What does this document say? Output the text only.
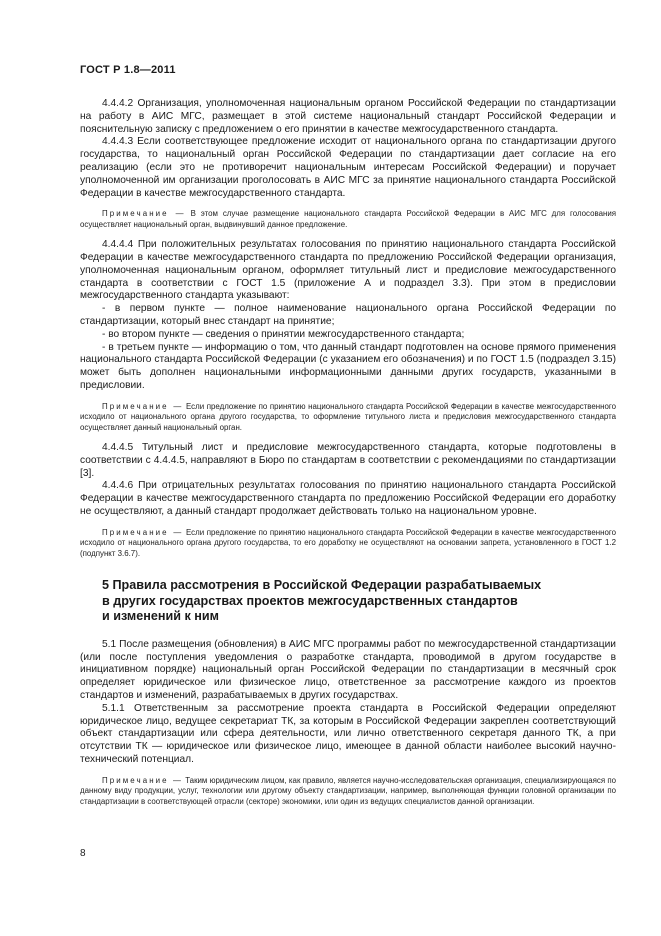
ГОСТ Р 1.8—2011

4.4.4.2 Организация, уполномоченная национальным органом Российской Федерации по стандартизации на работу в АИС МГС, размещает в этой системе национальный стандарт Российской Федерации и пояснительную записку с предложением о его принятии в качестве межгосударственного стандарта.

4.4.4.3 Если соответствующее предложение исходит от национального органа по стандартизации другого государства, то национальный орган Российской Федерации по стандартизации дает согласие на его реализацию (если это не противоречит национальным интересам Российской Федерации) и поручает уполномоченной им организации проголосовать в АИС МГС за принятие национального стандарта Российской Федерации в качестве межгосударственного стандарта.

Примечание — В этом случае размещение национального стандарта Российской Федерации в АИС МГС для голосования осуществляет национальный орган, выдвинувший данное предложение.

4.4.4.4 При положительных результатах голосования по принятию национального стандарта Российской Федерации в качестве межгосударственного стандарта по предложению Российской Федерации организация, уполномоченная национальным органом, оформляет титульный лист и предисловие межгосударственного стандарта в соответствии с ГОСТ 1.5 (приложение А и подраздел 3.3). При этом в предисловии межгосударственного стандарта указывают:

- в первом пункте — полное наименование национального органа Российской Федерации по стандартизации, который внес стандарт на принятие;

- во втором пункте — сведения о принятии межгосударственного стандарта;

- в третьем пункте — информацию о том, что данный стандарт подготовлен на основе прямого применения национального стандарта Российской Федерации (с указанием его обозначения) и по ГОСТ 1.5 (подраздел 3.15) может быть дополнен национальными информационными данными других государств, указанными в предисловии.

Примечание — Если предложение по принятию национального стандарта Российской Федерации в качестве межгосударственного исходило от национального органа другого государства, то оформление титульного листа и предисловия межгосударственного стандарта осуществляет данный национальный орган.

4.4.4.5 Титульный лист и предисловие межгосударственного стандарта, которые подготовлены в соответствии с 4.4.4.5, направляют в Бюро по стандартам в соответствии с рекомендациями по стандартизации [3].

4.4.4.6 При отрицательных результатах голосования по принятию национального стандарта Российской Федерации в качестве межгосударственного стандарта по предложению Российской Федерации его доработку не осуществляют, а данный стандарт продолжает действовать только на национальном уровне.

Примечание — Если предложение по принятию национального стандарта Российской Федерации в качестве межгосударственного исходило от национального органа другого государства, то его доработку не осуществляют на основании запрета, установленного в ГОСТ 1.2 (подпункт 3.6.7).

5 Правила рассмотрения в Российской Федерации разрабатываемых
в других государствах проектов межгосударственных стандартов
и изменений к ним

5.1 После размещения (обновления) в АИС МГС программы работ по межгосударственной стандартизации (или после поступления уведомления о разработке стандарта, проводимой в другом государстве в инициативном порядке) национальный орган Российской Федерации по стандартизации в месячный срок определяет юридическое или физическое лицо, ответственное за рассмотрение каждого из проектов стандартов и изменений, разрабатываемых в других государствах.

5.1.1 Ответственным за рассмотрение проекта стандарта в Российской Федерации определяют юридическое лицо, ведущее секретариат ТК, за которым в Российской Федерации закреплен соответствующий объект стандартизации или сфера деятельности, или лично ответственного секретаря данного ТК, а при отсутствии ТК — юридическое или физическое лицо, имеющее в данной области наиболее высокий научно-технический потенциал.

Примечание — Таким юридическим лицом, как правило, является научно-исследовательская организация, специализирующаяся по данному виду продукции, услуг, технологии или другому объекту стандартизации, например, выполняющая функции головной организации по стандартизации в соответствующей отрасли (секторе) экономики, или один из ведущих специалистов данной организации.

8
